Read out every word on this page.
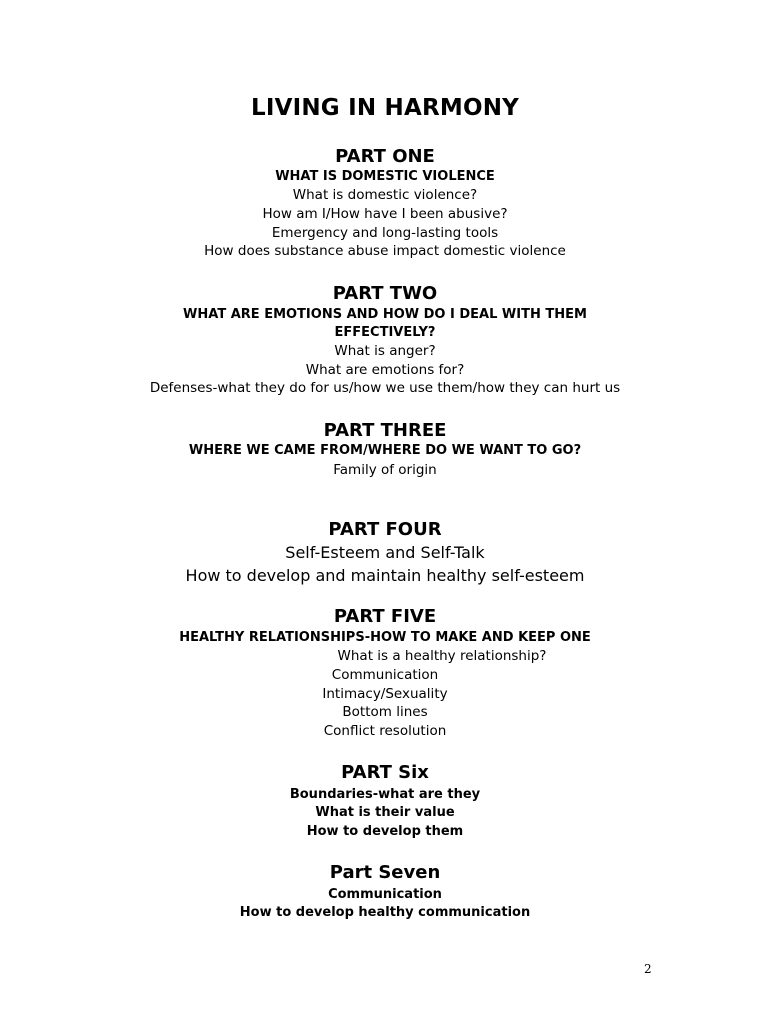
LIVING IN HARMONY
PART ONE
WHAT IS DOMESTIC VIOLENCE
What is domestic violence?
How am I/How have I been abusive?
Emergency and long-lasting tools
How does substance abuse impact domestic violence
PART TWO
WHAT ARE EMOTIONS AND HOW DO I DEAL WITH THEM
EFFECTIVELY?
What is anger?
What are emotions for?
Defenses-what they do for us/how we use them/how they can hurt us
PART THREE
WHERE WE CAME FROM/WHERE DO WE WANT TO GO?
Family of origin
PART FOUR
Self-Esteem and Self-Talk
How to develop and maintain healthy self-esteem
PART FIVE
HEALTHY RELATIONSHIPS-HOW TO MAKE AND KEEP ONE
What is a healthy relationship?
Communication
Intimacy/Sexuality
Bottom lines
Conflict resolution
PART Six
Boundaries-what are they
What is their value
How to develop them
Part Seven
Communication
How to develop healthy communication
2
